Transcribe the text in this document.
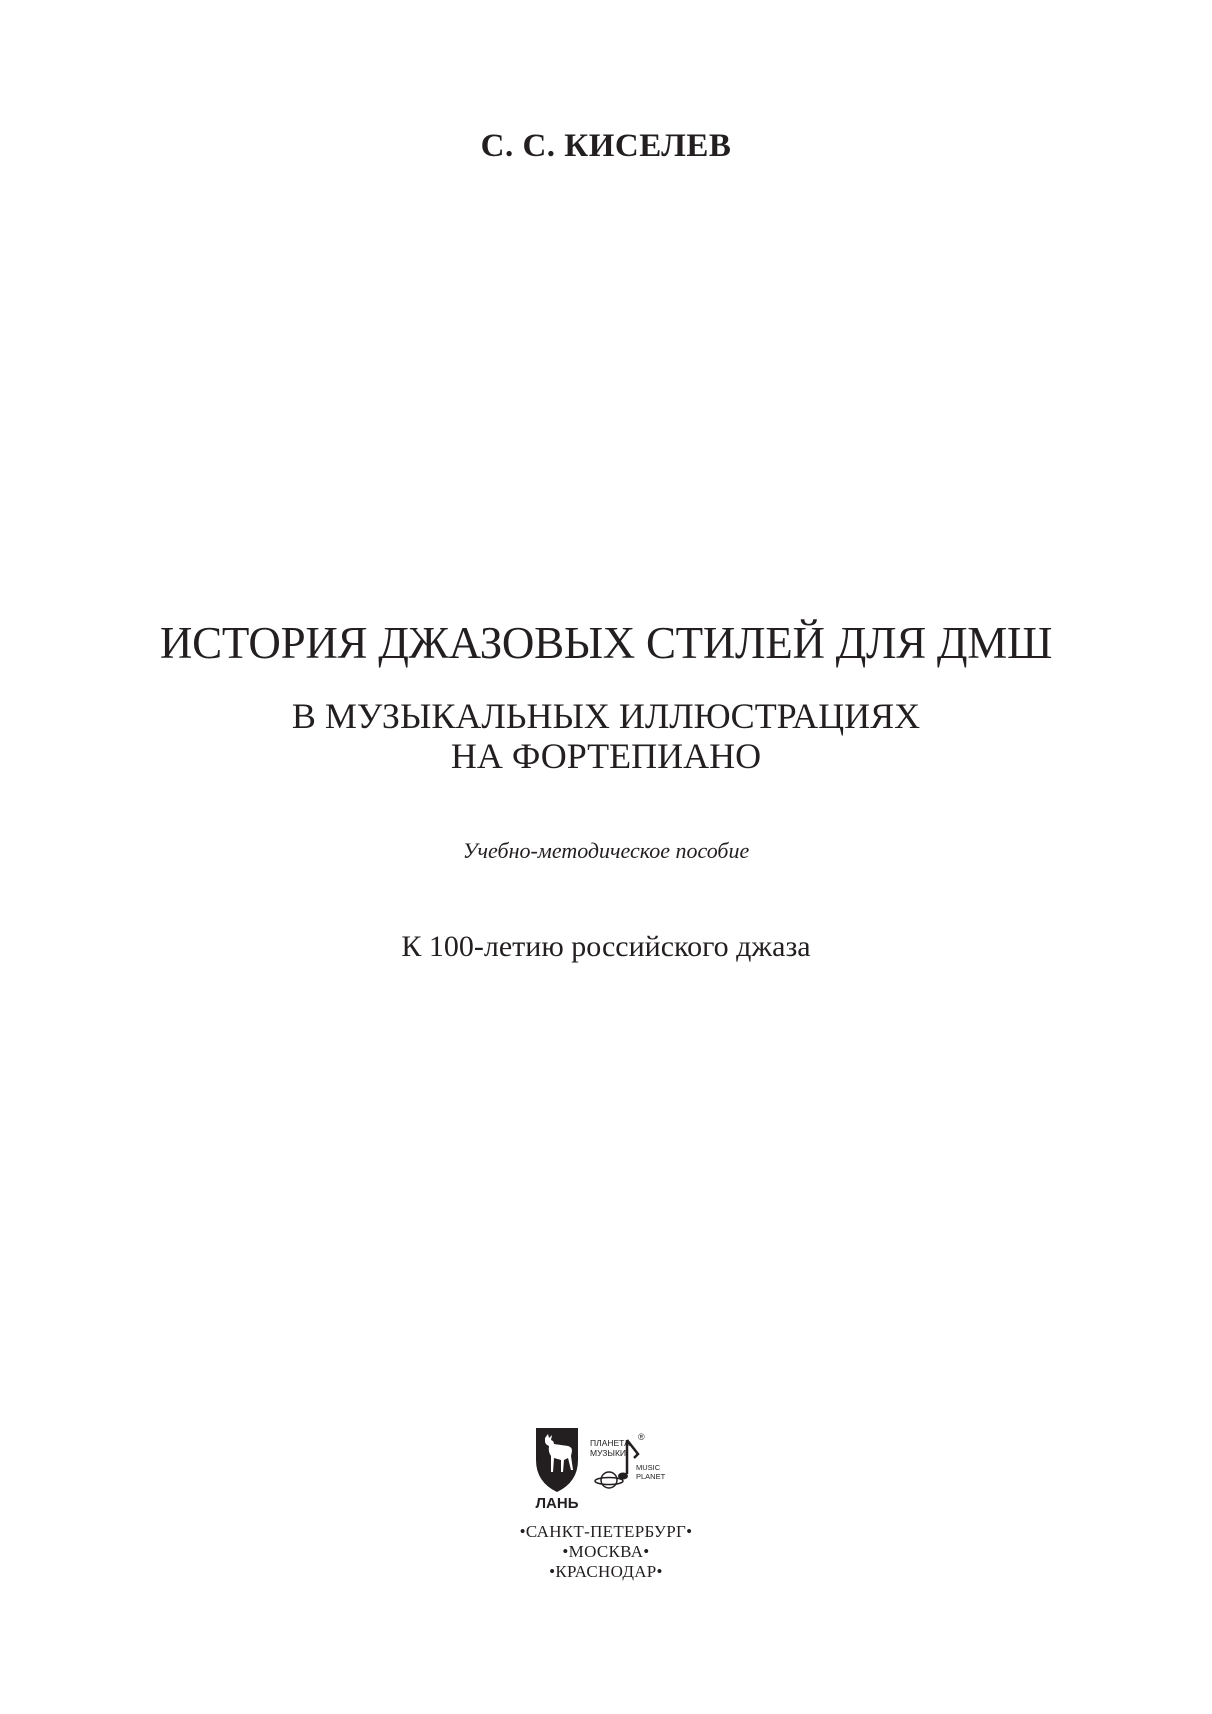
С. С. КИСЕЛЕВ
ИСТОРИЯ ДЖАЗОВЫХ СТИЛЕЙ ДЛЯ ДМШ
В МУЗЫКАЛЬНЫХ ИЛЛЮСТРАЦИЯХ
НА ФОРТЕПИАНО
Учебно-методическое пособие
К 100-летию российского джаза
ЛАНЬ
ПЛАНЕТА
МУЗЫКИ
®
MUSIC
PLANET
•САНКТ-ПЕТЕРБУРГ•
•МОСКВА•
•КРАСНОДАР•
